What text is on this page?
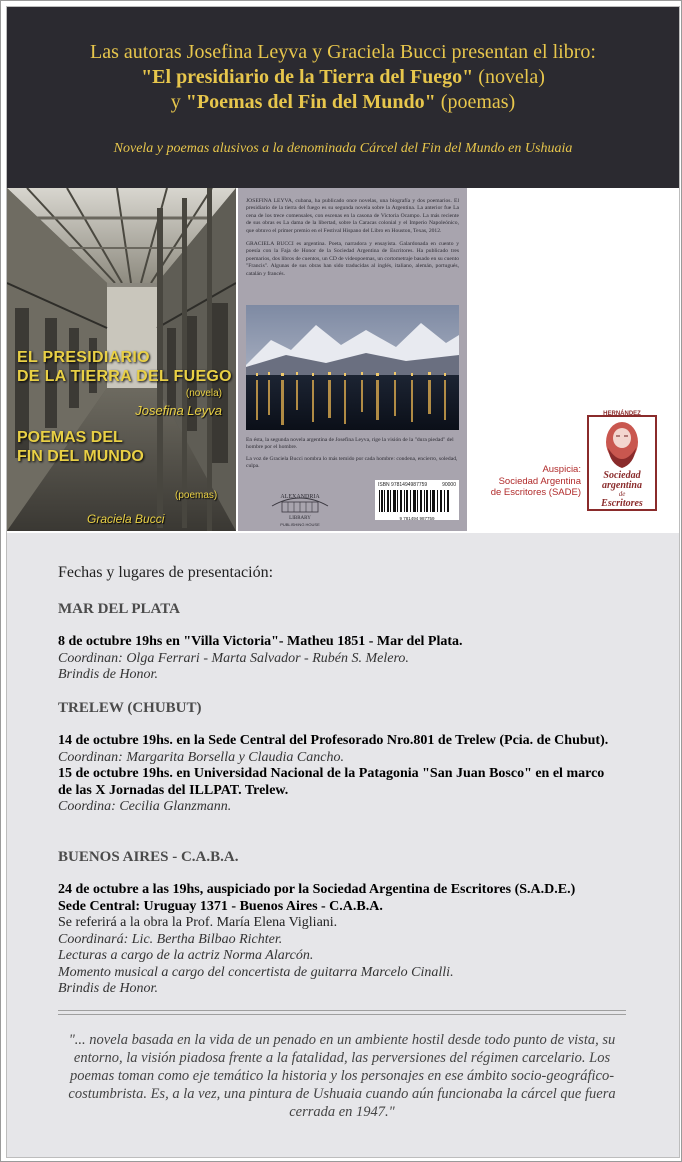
Las autoras Josefina Leyva y Graciela Bucci presentan el libro:
"El presidiario de la Tierra del Fuego" (novela)
y "Poemas del Fin del Mundo" (poemas)
Novela y poemas alusivos a la denominada Cárcel del Fin del Mundo en Ushuaia
EL PRESIDIARIO
DE LA TIERRA DEL FUEGO
(novela)
Josefina Leyva
POEMAS DEL
FIN DEL MUNDO
(poemas)
Graciela Bucci
JOSEFINA LEYVA, cubana, ha publicado once novelas, una biografía y dos poemarios. El presidiario de la tierra del fuego es su segunda novela sobre la Argentina. La anterior fue La cena de los trece comensales, con escenas en la casona de Victoria Ocampo. La más reciente de sus obras es La dama de la libertad, sobre la Caracas colonial y el Imperio Napoleónico, que obtuvo el primer premio en el Festival Hispano del Libro en Houston, Texas, 2012.
GRACIELA BUCCI es argentina. Poeta, narradora y ensayista. Galardonada en cuento y poesía con la Faja de Honor de la Sociedad Argentina de Escritores. Ha publicado tres poemarios, dos libros de cuentos, un CD de videopoemas, un cortometraje basado en su cuento "Francis". Algunas de sus obras han sido traducidas al inglés, italiano, alemán, portugués, catalán y francés.
En ésta, la segunda novela argentina de Josefina Leyva, rige la visión de la "dura piedad" del hombre por el hombre.
La voz de Graciela Bucci nombra lo más temido por cada hombre: condena, encierro, soledad, culpa.
ALEXANDRIA
LIBRARY
PUBLISHING HOUSE
ISBN 9781494987759	90000
9 781494 987759
Auspicia:
Sociedad Argentina
de Escritores (SADE)
HERNÁNDEZ
Sociedad
argentina
de
Escritores
Fechas y lugares de presentación:
MAR DEL PLATA
8 de octubre 19hs en "Villa Victoria"- Matheu 1851 - Mar del Plata.
Coordinan: Olga Ferrari - Marta Salvador - Rubén S. Melero.
Brindis de Honor.
TRELEW (CHUBUT)
14 de octubre 19hs. en la Sede Central del Profesorado Nro.801 de Trelew (Pcia. de Chubut).
Coordinan: Margarita Borsella y Claudia Cancho.
15 de octubre 19hs. en Universidad Nacional de la Patagonia "San Juan Bosco" en el marco de las X Jornadas del ILLPAT. Trelew.
Coordina: Cecilia Glanzmann.
BUENOS AIRES - C.A.B.A.
24 de octubre a las 19hs, auspiciado por la Sociedad Argentina de Escritores (S.A.D.E.)
Sede Central: Uruguay 1371 - Buenos Aires - C.A.B.A.
Se referirá a la obra la Prof. María Elena Vigliani.
Coordinará: Lic. Bertha Bilbao Richter.
Lecturas a cargo de la actriz Norma Alarcón.
Momento musical a cargo del concertista de guitarra Marcelo Cinalli.
Brindis de Honor.
"... novela basada en la vida de un penado en un ambiente hostil desde todo punto de vista, su entorno, la visión piadosa frente a la fatalidad, las perversiones del régimen carcelario. Los poemas toman como eje temático la historia y los personajes en ese ámbito socio-geográfico-costumbrista. Es, a la vez, una pintura de Ushuaia cuando aún funcionaba la cárcel que fuera cerrada en 1947."
